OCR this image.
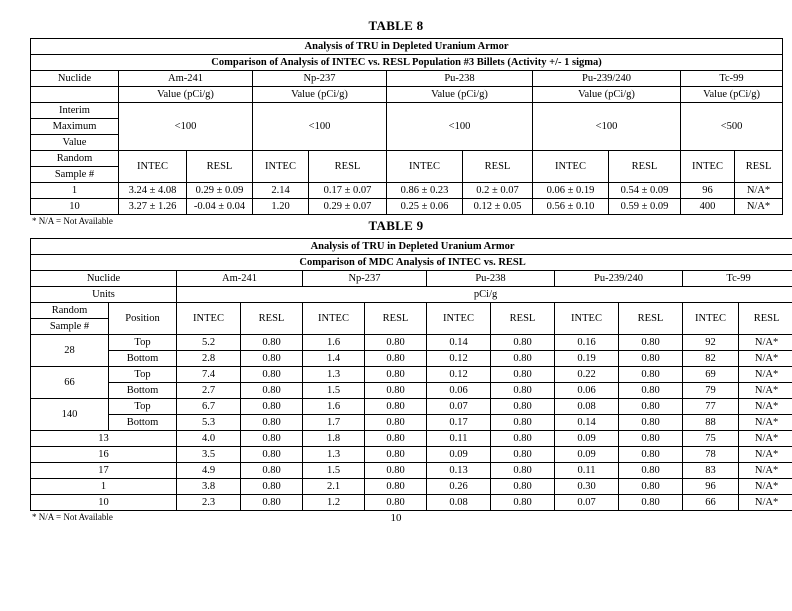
TABLE 8
Analysis of TRU in Depleted Uranium Armor										
Comparison of Analysis of INTEC vs. RESL Population #3 Billets (Activity +/- 1 sigma)										
Nuclide	Am-241		Np-237		Pu-238		Pu-239/240		Tc-99	
	Value (pCi/g)		Value (pCi/g)		Value (pCi/g)		Value (pCi/g)		Value (pCi/g)	
Interim	<100		<100		<100		<100		<500	
Maximum										
Value										
Random	INTEC	RESL	INTEC	RESL	INTEC	RESL	INTEC	RESL	INTEC	RESL
Sample #										
1	3.24 ± 4.08	0.29 ± 0.09	2.14	0.17 ± 0.07	0.86 ± 0.23	0.2 ± 0.07	0.06 ± 0.19	0.54 ± 0.09	96	N/A*
10	3.27 ± 1.26	-0.04 ± 0.04	1.20	0.29 ± 0.07	0.25 ± 0.06	0.12 ± 0.05	0.56 ± 0.10	0.59 ± 0.09	400	N/A*
* N/A = Not Available	TABLE 9
Analysis of TRU in Depleted Uranium Armor											
Comparison of MDC Analysis of INTEC vs. RESL											
Nuclide		Am-241		Np-237		Pu-238		Pu-239/240		Tc-99	
Units		pCi/g									
Random	Position	INTEC	RESL	INTEC	RESL	INTEC	RESL	INTEC	RESL	INTEC	RESL
Sample #											
28	Top	5.2	0.80	1.6	0.80	0.14	0.80	0.16	0.80	92	N/A*
	Bottom	2.8	0.80	1.4	0.80	0.12	0.80	0.19	0.80	82	N/A*
66	Top	7.4	0.80	1.3	0.80	0.12	0.80	0.22	0.80	69	N/A*
	Bottom	2.7	0.80	1.5	0.80	0.06	0.80	0.06	0.80	79	N/A*
140	Top	6.7	0.80	1.6	0.80	0.07	0.80	0.08	0.80	77	N/A*
	Bottom	5.3	0.80	1.7	0.80	0.17	0.80	0.14	0.80	88	N/A*
13		4.0	0.80	1.8	0.80	0.11	0.80	0.09	0.80	75	N/A*
16		3.5	0.80	1.3	0.80	0.09	0.80	0.09	0.80	78	N/A*
17		4.9	0.80	1.5	0.80	0.13	0.80	0.11	0.80	83	N/A*
1		3.8	0.80	2.1	0.80	0.26	0.80	0.30	0.80	96	N/A*
10		2.3	0.80	1.2	0.80	0.08	0.80	0.07	0.80	66	N/A*
* N/A = Not Available	10
